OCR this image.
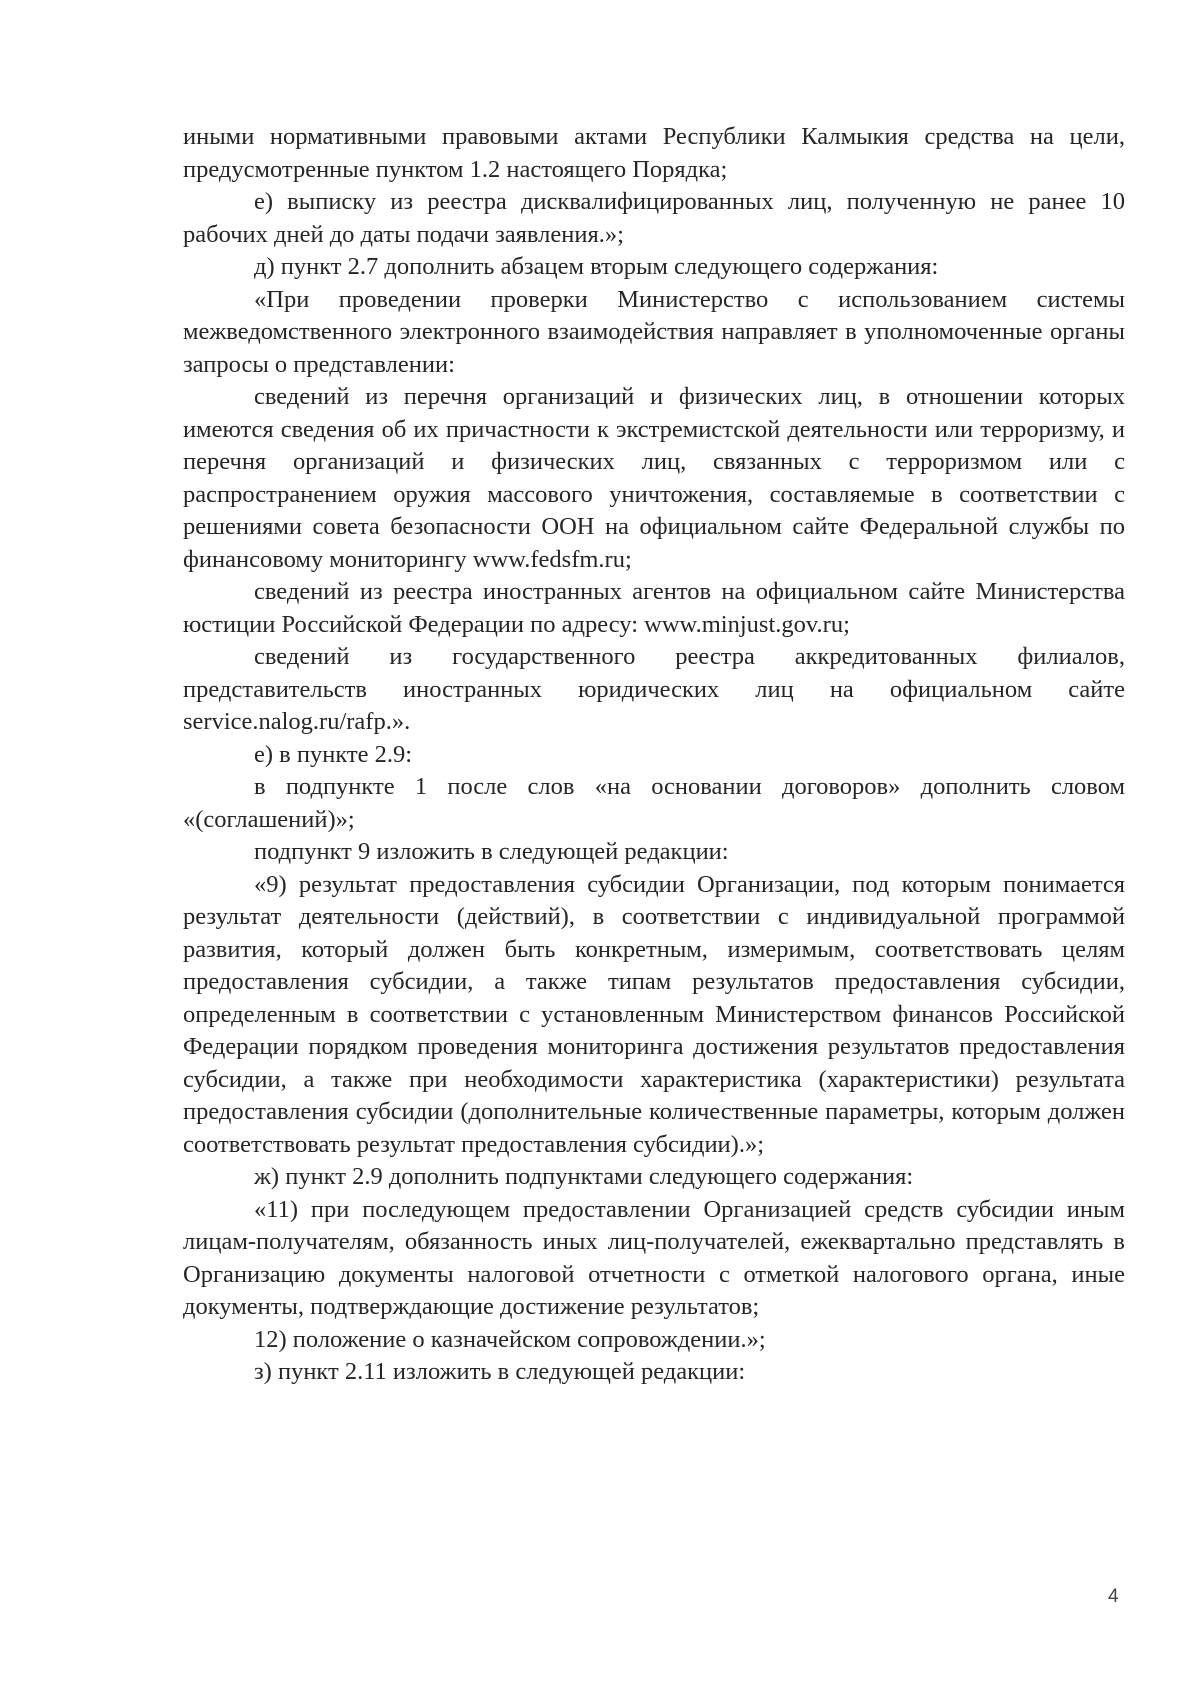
иными нормативными правовыми актами Республики Калмыкия средства на цели, предусмотренные пунктом 1.2 настоящего Порядка;

е) выписку из реестра дисквалифицированных лиц, полученную не ранее 10 рабочих дней до даты подачи заявления.»;

д) пункт 2.7 дополнить абзацем вторым следующего содержания:

«При проведении проверки Министерство с использованием системы межведомственного электронного взаимодействия направляет в уполномоченные органы запросы о представлении:

сведений из перечня организаций и физических лиц, в отношении которых имеются сведения об их причастности к экстремистской деятельности или терроризму, и перечня организаций и физических лиц, связанных с терроризмом или с распространением оружия массового уничтожения, составляемые в соответствии с решениями совета безопасности ООН на официальном сайте Федеральной службы по финансовому мониторингу www.fedsfm.ru;

сведений из реестра иностранных агентов на официальном сайте Министерства юстиции Российской Федерации по адресу: www.minjust.gov.ru;

сведений из государственного реестра аккредитованных филиалов, представительств иностранных юридических лиц на официальном сайте service.nalog.ru/rafp.».

е) в пункте 2.9:

в подпункте 1 после слов «на основании договоров» дополнить словом «(соглашений)»;

подпункт 9 изложить в следующей редакции:

«9) результат предоставления субсидии Организации, под которым понимается результат деятельности (действий), в соответствии с индивидуальной программой развития, который должен быть конкретным, измеримым, соответствовать целям предоставления субсидии, а также типам результатов предоставления субсидии, определенным в соответствии с установленным Министерством финансов Российской Федерации порядком проведения мониторинга достижения результатов предоставления субсидии, а также при необходимости характеристика (характеристики) результата предоставления субсидии (дополнительные количественные параметры, которым должен соответствовать результат предоставления субсидии).»;

ж) пункт 2.9 дополнить подпунктами следующего содержания:

«11) при последующем предоставлении Организацией средств субсидии иным лицам-получателям, обязанность иных лиц-получателей, ежеквартально представлять в Организацию документы налоговой отчетности с отметкой налогового органа, иные документы, подтверждающие достижение результатов;

12) положение о казначейском сопровождении.»;

з) пункт 2.11 изложить в следующей редакции:

4
